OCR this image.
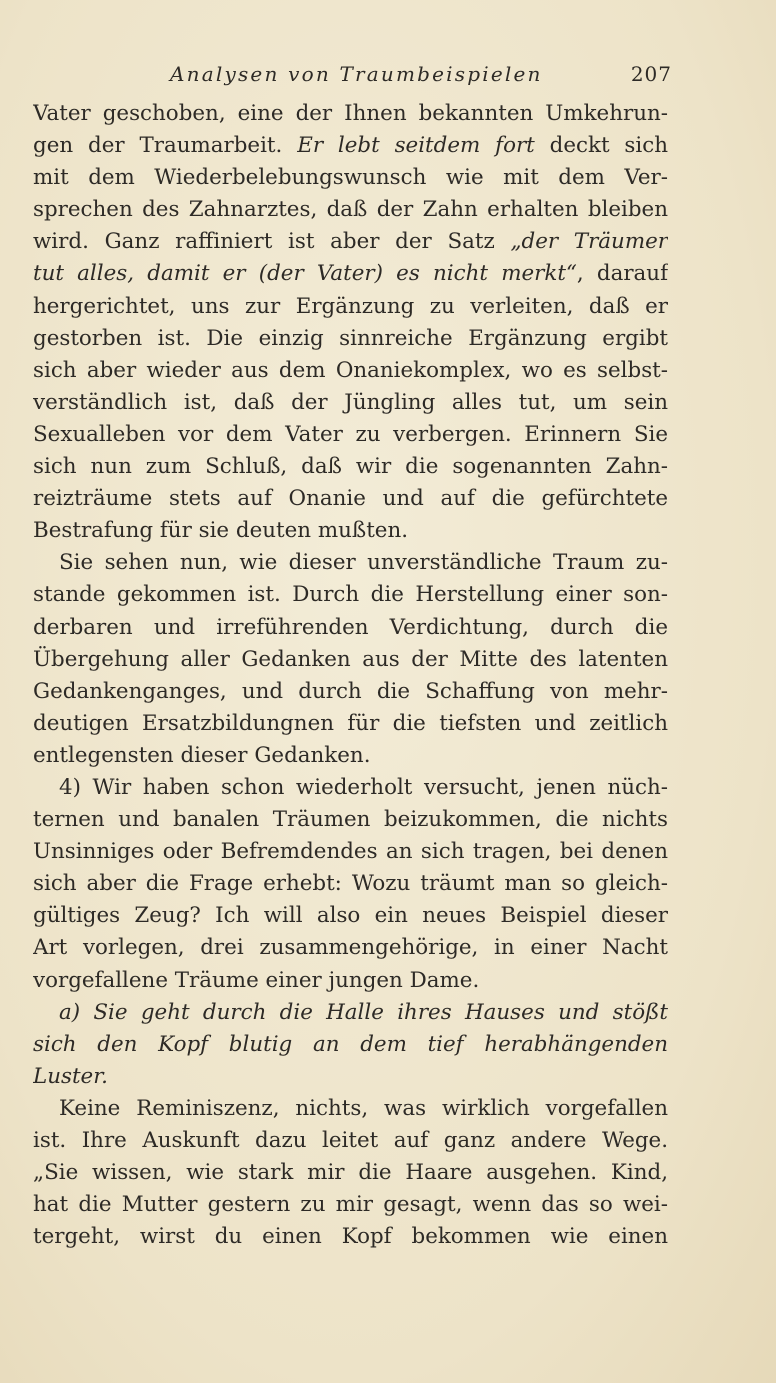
Analysen von Traumbeispielen	207
Vater geschoben, eine der Ihnen bekannten Umkehrun-
gen der Traumarbeit. Er lebt seitdem fort deckt sich
mit dem Wiederbelebungswunsch wie mit dem Ver-
sprechen des Zahnarztes, daß der Zahn erhalten bleiben
wird. Ganz raffiniert ist aber der Satz „der Träumer
tut alles, damit er (der Vater) es nicht merkt“, darauf
hergerichtet, uns zur Ergänzung zu verleiten, daß er
gestorben ist. Die einzig sinnreiche Ergänzung ergibt
sich aber wieder aus dem Onaniekomplex, wo es selbst-
verständlich ist, daß der Jüngling alles tut, um sein
Sexualleben vor dem Vater zu verbergen. Erinnern Sie
sich nun zum Schluß, daß wir die sogenannten Zahn-
reizträume stets auf Onanie und auf die gefürchtete
Bestrafung für sie deuten mußten.
Sie sehen nun, wie dieser unverständliche Traum zu-
stande gekommen ist. Durch die Herstellung einer son-
derbaren und irreführenden Verdichtung, durch die
Übergehung aller Gedanken aus der Mitte des latenten
Gedankenganges, und durch die Schaffung von mehr-
deutigen Ersatzbildungnen für die tiefsten und zeitlich
entlegensten dieser Gedanken.
4) Wir haben schon wiederholt versucht, jenen nüch-
ternen und banalen Träumen beizukommen, die nichts
Unsinniges oder Befremdendes an sich tragen, bei denen
sich aber die Frage erhebt: Wozu träumt man so gleich-
gültiges Zeug? Ich will also ein neues Beispiel dieser
Art vorlegen, drei zusammengehörige, in einer Nacht
vorgefallene Träume einer jungen Dame.
a) Sie geht durch die Halle ihres Hauses und stößt
sich den Kopf blutig an dem tief herabhängenden
Luster.
Keine Reminiszenz, nichts, was wirklich vorgefallen
ist. Ihre Auskunft dazu leitet auf ganz andere Wege.
„Sie wissen, wie stark mir die Haare ausgehen. Kind,
hat die Mutter gestern zu mir gesagt, wenn das so wei-
tergeht, wirst du einen Kopf bekommen wie einen
